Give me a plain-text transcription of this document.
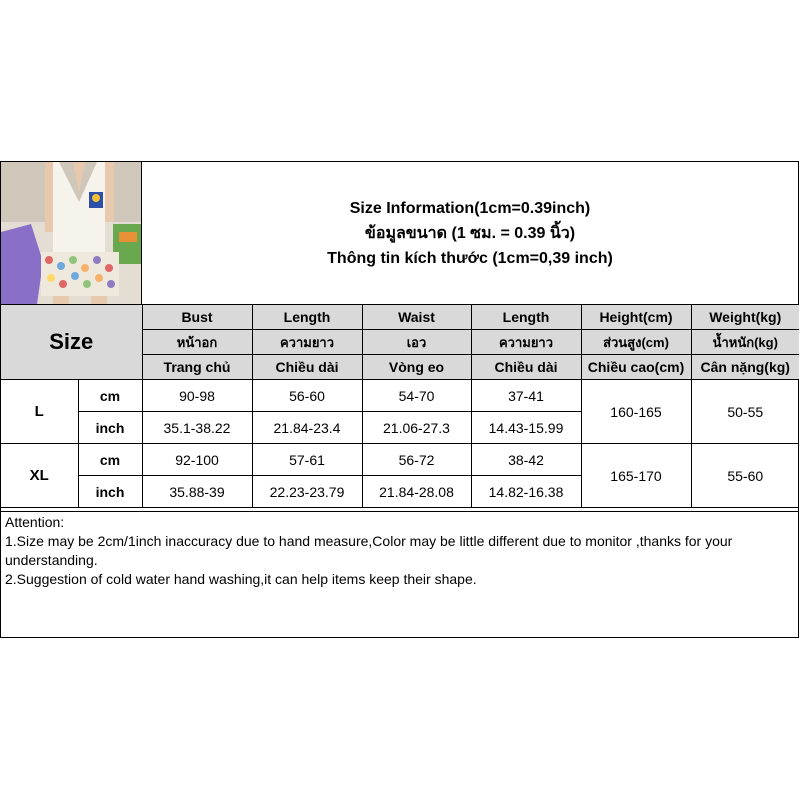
Size Information(1cm=0.39inch)
ข้อมูลขนาด (1 ซม. = 0.39 นิ้ว)
Thông tin kích thước (1cm=0,39 inch)
Size		Bust	Length	Waist	Length	Height(cm)	Weight(kg)
		หน้าอก	ความยาว	เอว	ความยาว	ส่วนสูง(cm)	น้ำหนัก(kg)
		Trang chủ	Chiều dài	Vòng eo	Chiều dài	Chiều cao(cm)	Cân nặng(kg)
L	cm	90-98	56-60	54-70	37-41	160-165	50-55
	inch	35.1-38.22	21.84-23.4	21.06-27.3	14.43-15.99		
XL	cm	92-100	57-61	56-72	38-42	165-170	55-60
	inch	35.88-39	22.23-23.79	21.84-28.08	14.82-16.38		
Attention:
1.Size may be 2cm/1inch inaccuracy due to hand measure,Color may be little different due to monitor ,thanks for your understanding.
2.Suggestion of cold water hand washing,it can help items keep their shape.
